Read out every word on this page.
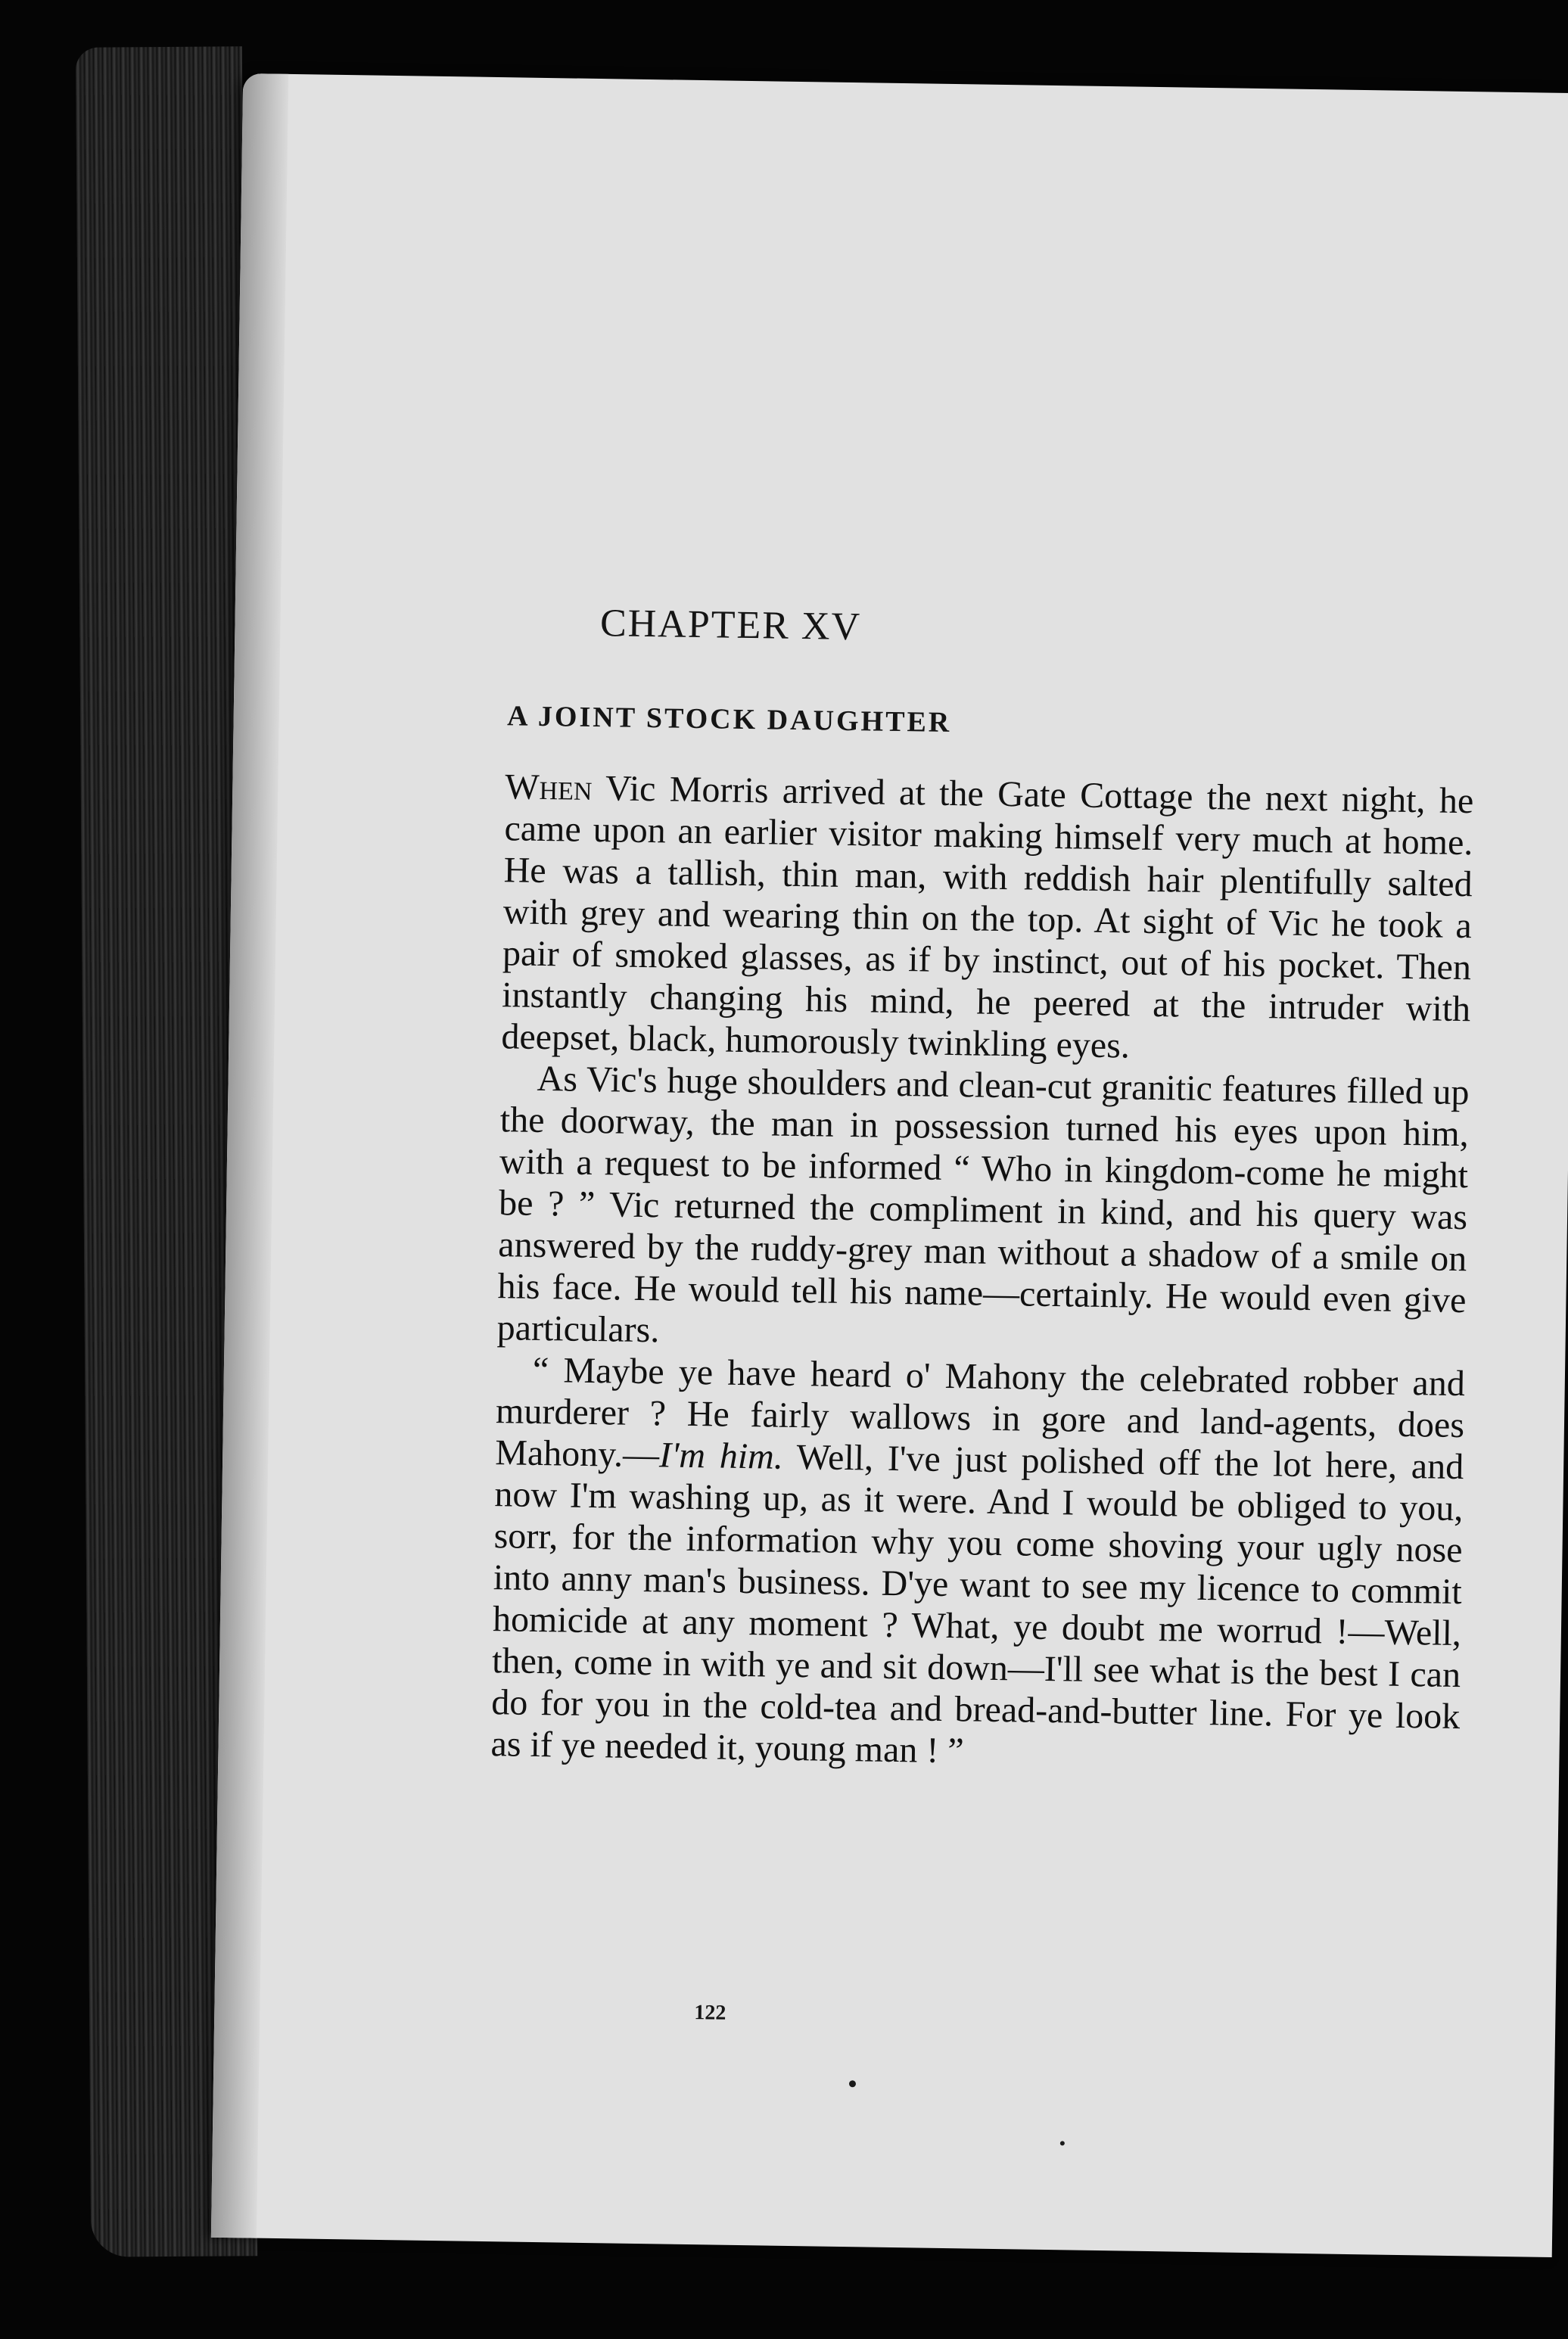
CHAPTER XV
A JOINT STOCK DAUGHTER

When Vic Morris arrived at the Gate Cottage the next night, he came upon an earlier visitor making himself very much at home. He was a tallish, thin man, with reddish hair plentifully salted with grey and wearing thin on the top. At sight of Vic he took a pair of smoked glasses, as if by instinct, out of his pocket. Then instantly changing his mind, he peered at the intruder with deepset, black, humorously twinkling eyes.

As Vic's huge shoulders and clean-cut granitic features filled up the doorway, the man in possession turned his eyes upon him, with a request to be informed “ Who in kingdom-come he might be ? ” Vic returned the compliment in kind, and his query was answered by the ruddy-grey man without a shadow of a smile on his face. He would tell his name—certainly. He would even give particulars.

“ Maybe ye have heard o' Mahony the celebrated robber and murderer ? He fairly wallows in gore and land-agents, does Mahony.—I'm him. Well, I've just polished off the lot here, and now I'm washing up, as it were. And I would be obliged to you, sorr, for the information why you come shoving your ugly nose into anny man's business. D'ye want to see my licence to commit homicide at any moment ? What, ye doubt me worrud !—Well, then, come in with ye and sit down—I'll see what is the best I can do for you in the cold-tea and bread-and-butter line. For ye look as if ye needed it, young man ! ”

122
